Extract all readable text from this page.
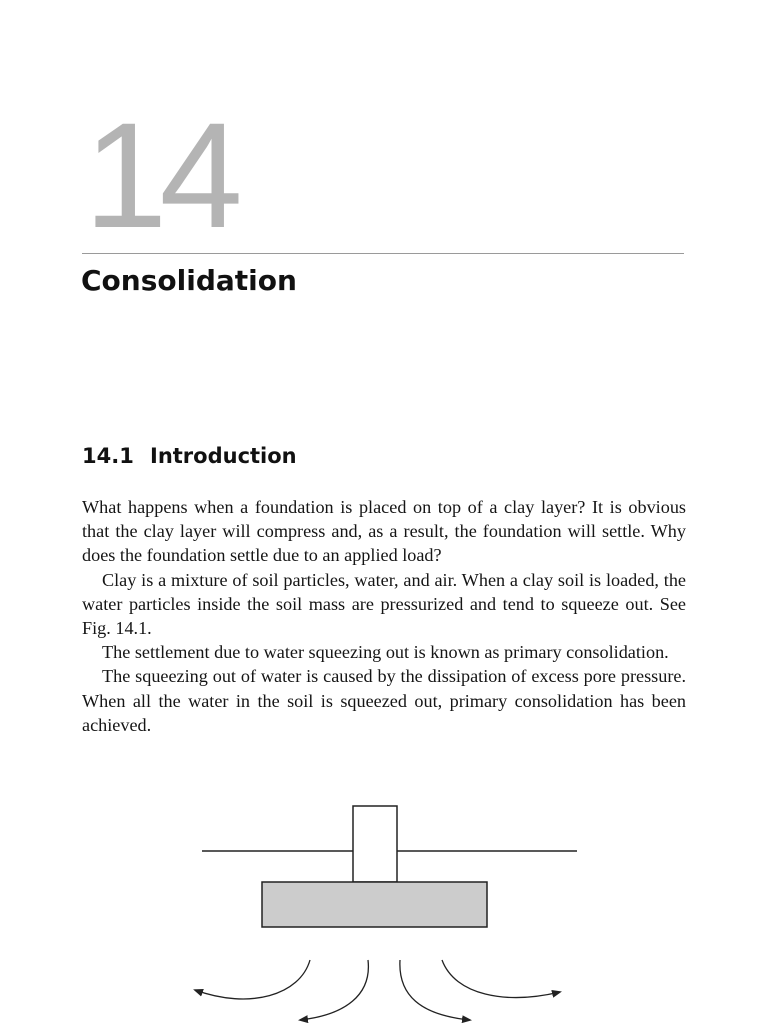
14
Consolidation
14.1 Introduction

What happens when a foundation is placed on top of a clay layer? It is obvious that the clay layer will compress and, as a result, the foundation will settle. Why does the foundation settle due to an applied load?

Clay is a mixture of soil particles, water, and air. When a clay soil is loaded, the water particles inside the soil mass are pressurized and tend to squeeze out. See Fig. 14.1.

The settlement due to water squeezing out is known as primary consolidation.

The squeezing out of water is caused by the dissipation of excess pore pressure. When all the water in the soil is squeezed out, primary consolidation has been achieved.
